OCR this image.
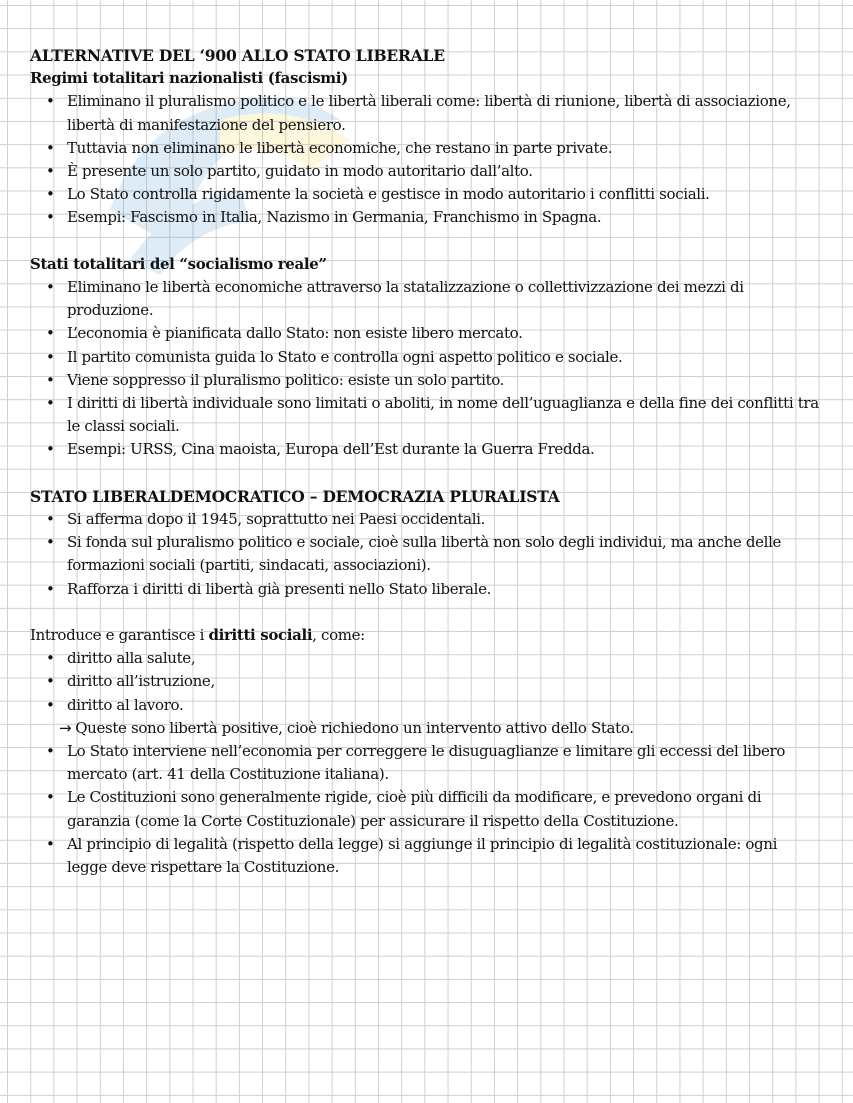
ALTERNATIVE DEL ‘900 ALLO STATO LIBERALE
Regimi totalitari nazionalisti (fascismi)
• Eliminano il pluralismo politico e le libertà liberali come: libertà di riunione, libertà di associazione, libertà di manifestazione del pensiero.
• Tuttavia non eliminano le libertà economiche, che restano in parte private.
• È presente un solo partito, guidato in modo autoritario dall’alto.
• Lo Stato controlla rigidamente la società e gestisce in modo autoritario i conflitti sociali.
• Esempi: Fascismo in Italia, Nazismo in Germania, Franchismo in Spagna.
Stati totalitari del “socialismo reale”
• Eliminano le libertà economiche attraverso la statalizzazione o collettivizzazione dei mezzi di produzione.
• L’economia è pianificata dallo Stato: non esiste libero mercato.
• Il partito comunista guida lo Stato e controlla ogni aspetto politico e sociale.
• Viene soppresso il pluralismo politico: esiste un solo partito.
• I diritti di libertà individuale sono limitati o aboliti, in nome dell’uguaglianza e della fine dei conflitti tra le classi sociali.
• Esempi: URSS, Cina maoista, Europa dell’Est durante la Guerra Fredda.
STATO LIBERALDEMOCRATICO – DEMOCRAZIA PLURALISTA
• Si afferma dopo il 1945, soprattutto nei Paesi occidentali.
• Si fonda sul pluralismo politico e sociale, cioè sulla libertà non solo degli individui, ma anche delle formazioni sociali (partiti, sindacati, associazioni).
• Rafforza i diritti di libertà già presenti nello Stato liberale.

Introduce e garantisce i diritti sociali, come:

• diritto alla salute,
• diritto all’istruzione,
• diritto al lavoro.

→ Queste sono libertà positive, cioè richiedono un intervento attivo dello Stato.

• Lo Stato interviene nell’economia per correggere le disuguaglianze e limitare gli eccessi del libero mercato (art. 41 della Costituzione italiana).
• Le Costituzioni sono generalmente rigide, cioè più difficili da modificare, e prevedono organi di garanzia (come la Corte Costituzionale) per assicurare il rispetto della Costituzione.
• Al principio di legalità (rispetto della legge) si aggiunge il principio di legalità costituzionale: ogni legge deve rispettare la Costituzione.
